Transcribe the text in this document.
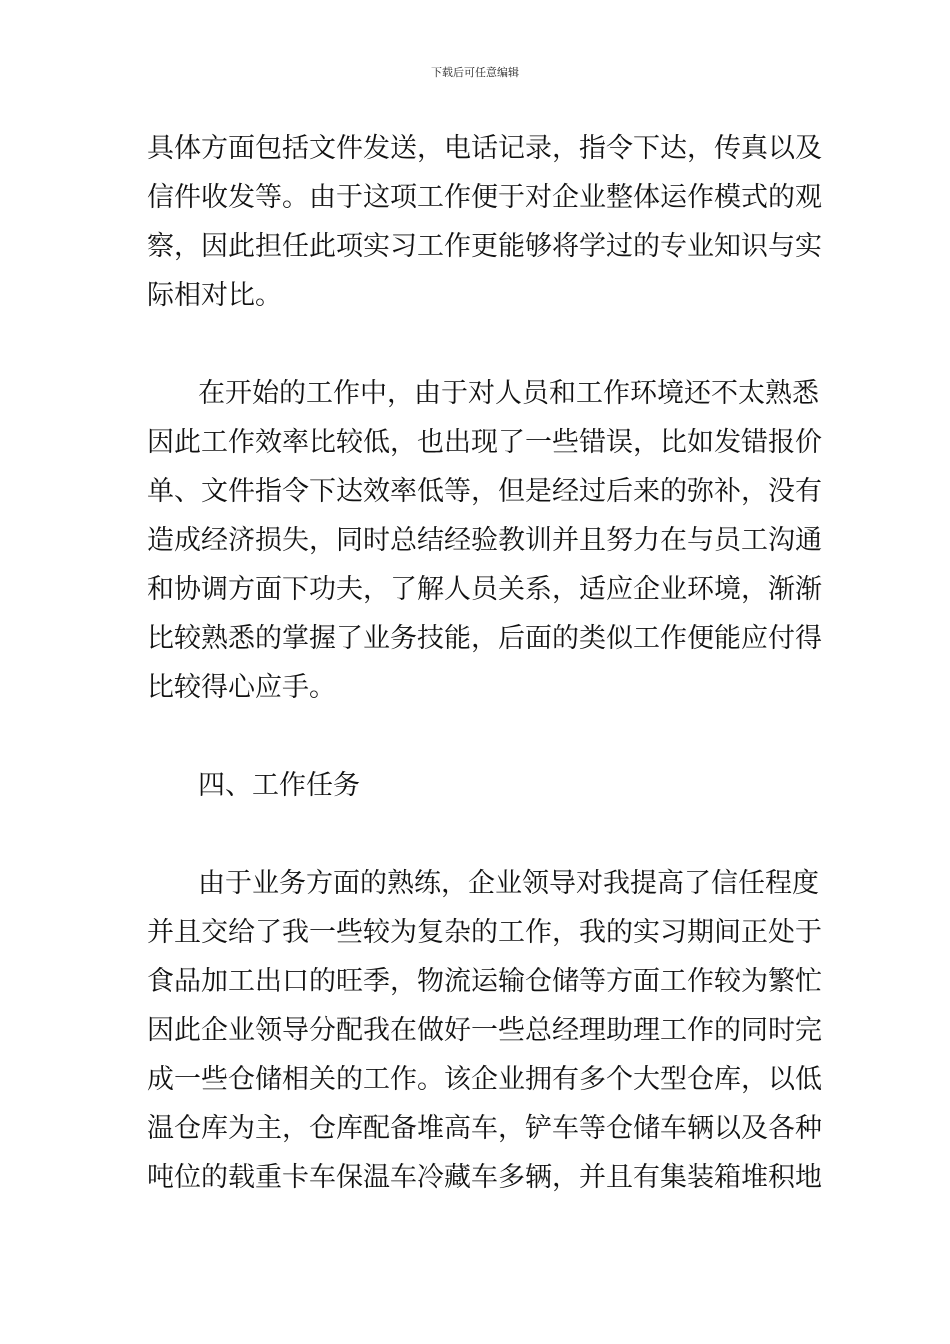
下载后可任意编辑
具体方面包括文件发送，电话记录，指令下达，传真以及
信件收发等。由于这项工作便于对企业整体运作模式的观
察，因此担任此项实习工作更能够将学过的专业知识与实
际相对比。
在开始的工作中，由于对人员和工作环境还不太熟悉
因此工作效率比较低，也出现了一些错误，比如发错报价
单、文件指令下达效率低等，但是经过后来的弥补，没有
造成经济损失，同时总结经验教训并且努力在与员工沟通
和协调方面下功夫，了解人员关系，适应企业环境，渐渐
比较熟悉的掌握了业务技能，后面的类似工作便能应付得
比较得心应手。
四、工作任务
由于业务方面的熟练，企业领导对我提高了信任程度
并且交给了我一些较为复杂的工作，我的实习期间正处于
食品加工出口的旺季，物流运输仓储等方面工作较为繁忙
因此企业领导分配我在做好一些总经理助理工作的同时完
成一些仓储相关的工作。该企业拥有多个大型仓库，以低
温仓库为主，仓库配备堆高车，铲车等仓储车辆以及各种
吨位的载重卡车保温车冷藏车多辆，并且有集装箱堆积地
